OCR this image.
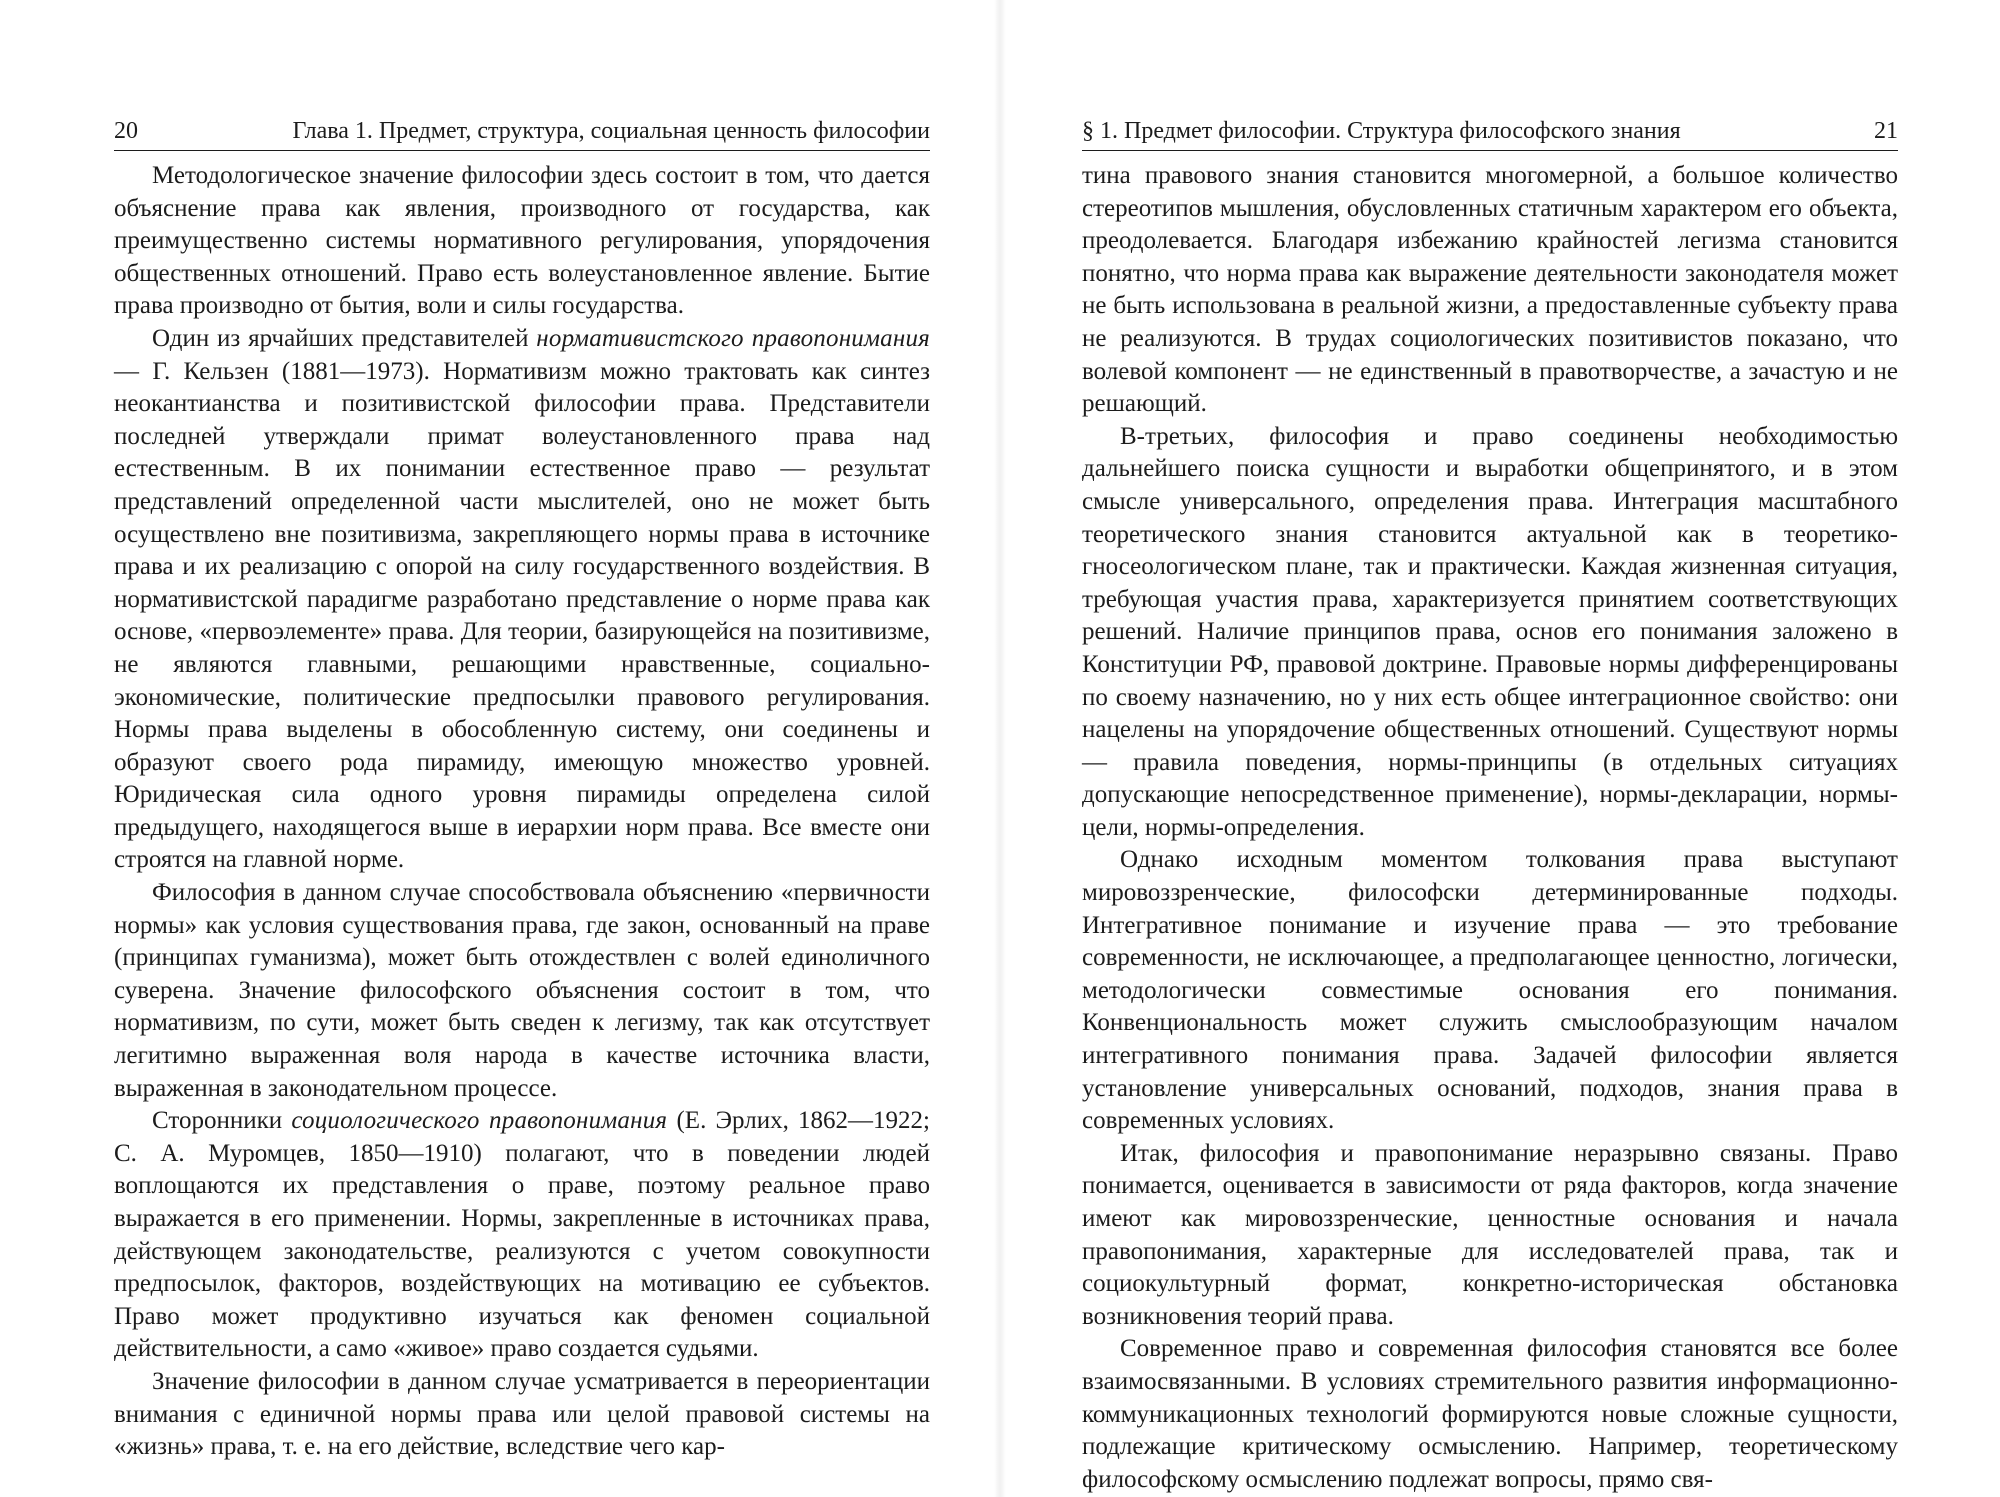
20	Глава 1. Предмет, структура, социальная ценность философии

Методологическое значение философии здесь состоит в том, что дается объяснение права как явления, производного от государства, как преимущественно системы нормативного регулирования, упорядочения общественных отношений. Право есть волеустановленное явление. Бытие права производно от бытия, воли и силы государства.

Один из ярчайших представителей нормативистского правопонимания — Г. Кельзен (1881—1973). Нормативизм можно трактовать как синтез неокантианства и позитивистской философии права. Представители последней утверждали примат волеустановленного права над естественным. В их понимании естественное право — результат представлений определенной части мыслителей, оно не может быть осуществлено вне позитивизма, закрепляющего нормы права в источнике права и их реализацию с опорой на силу государственного воздействия. В нормативистской парадигме разработано представление о норме права как основе, «первоэлементе» права. Для теории, базирующейся на позитивизме, не являются главными, решающими нравственные, социально-экономические, политические предпосылки правового регулирования. Нормы права выделены в обособленную систему, они соединены и образуют своего рода пирамиду, имеющую множество уровней. Юридическая сила одного уровня пирамиды определена силой предыдущего, находящегося выше в иерархии норм права. Все вместе они строятся на главной норме.

Философия в данном случае способствовала объяснению «первичности нормы» как условия существования права, где закон, основанный на праве (принципах гуманизма), может быть отождествлен с волей единоличного суверена. Значение философского объяснения состоит в том, что нормативизм, по сути, может быть сведен к легизму, так как отсутствует легитимно выраженная воля народа в качестве источника власти, выраженная в законодательном процессе.

Сторонники социологического правопонимания (Е. Эрлих, 1862—1922; С. А. Муромцев, 1850—1910) полагают, что в поведении людей воплощаются их представления о праве, поэтому реальное право выражается в его применении. Нормы, закрепленные в источниках права, действующем законодательстве, реализуются с учетом совокупности предпосылок, факторов, воздействующих на мотивацию ее субъектов. Право может продуктивно изучаться как феномен социальной действительности, а само «живое» право создается судьями.

Значение философии в данном случае усматривается в переориентации внимания с единичной нормы права или целой правовой системы на «жизнь» права, т. е. на его действие, вследствие чего кар-

§ 1. Предмет философии. Структура философского знания	21

тина правового знания становится многомерной, а большое количество стереотипов мышления, обусловленных статичным характером его объекта, преодолевается. Благодаря избежанию крайностей легизма становится понятно, что норма права как выражение деятельности законодателя может не быть использована в реальной жизни, а предоставленные субъекту права не реализуются. В трудах социологических позитивистов показано, что волевой компонент — не единственный в правотворчестве, а зачастую и не решающий.

В-третьих, философия и право соединены необходимостью дальнейшего поиска сущности и выработки общепринятого, и в этом смысле универсального, определения права. Интеграция масштабного теоретического знания становится актуальной как в теоретико-гносеологическом плане, так и практически. Каждая жизненная ситуация, требующая участия права, характеризуется принятием соответствующих решений. Наличие принципов права, основ его понимания заложено в Конституции РФ, правовой доктрине. Правовые нормы дифференцированы по своему назначению, но у них есть общее интеграционное свойство: они нацелены на упорядочение общественных отношений. Существуют нормы — правила поведения, нормы-принципы (в отдельных ситуациях допускающие непосредственное применение), нормы-декларации, нормы-цели, нормы-определения.

Однако исходным моментом толкования права выступают мировоззренческие, философски детерминированные подходы. Интегративное понимание и изучение права — это требование современности, не исключающее, а предполагающее ценностно, логически, методологически совместимые основания его понимания. Конвенциональность может служить смыслообразующим началом интегративного понимания права. Задачей философии является установление универсальных оснований, подходов, знания права в современных условиях.

Итак, философия и правопонимание неразрывно связаны. Право понимается, оценивается в зависимости от ряда факторов, когда значение имеют как мировоззренческие, ценностные основания и начала правопонимания, характерные для исследователей права, так и социокультурный формат, конкретно-историческая обстановка возникновения теорий права.

Современное право и современная философия становятся все более взаимосвязанными. В условиях стремительного развития информационно-коммуникационных технологий формируются новые сложные сущности, подлежащие критическому осмыслению. Например, теоретическому философскому осмыслению подлежат вопросы, прямо свя-
